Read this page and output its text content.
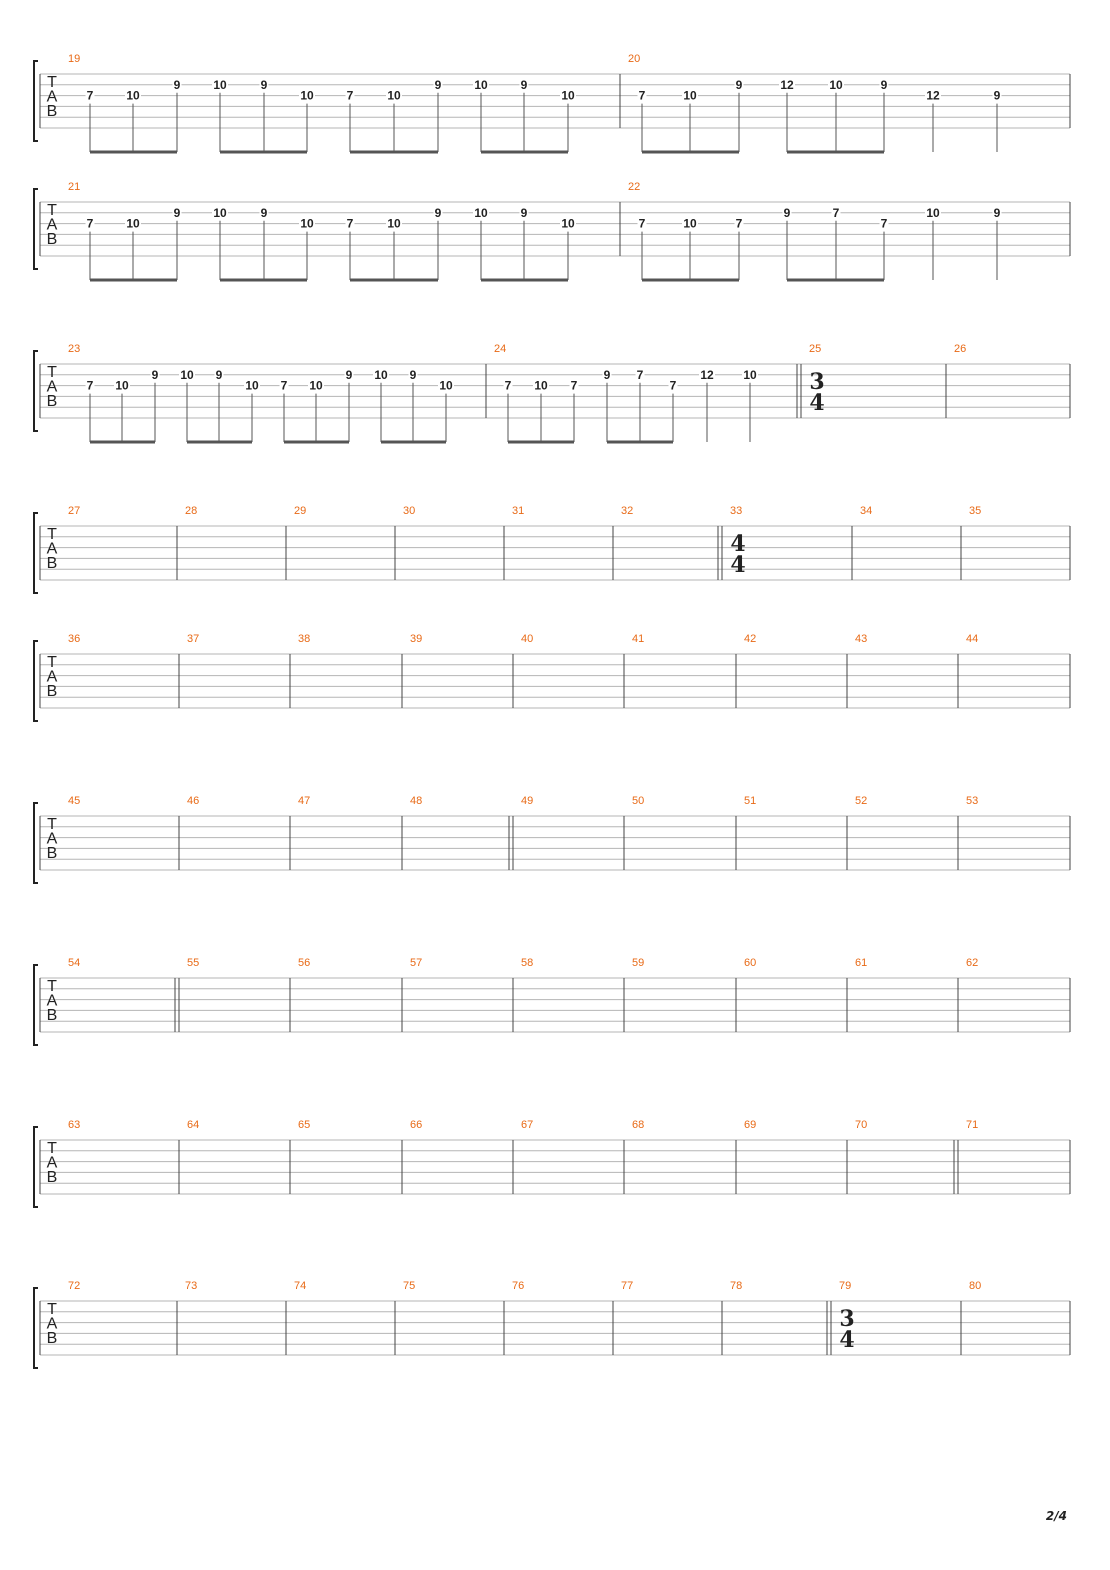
T
A
B
19
7	10
9	10	9
10	7	10
9	10	9
10
20
7	10
9	12	10	9
12	9
T
A
B
21
7	10
9	10	9
10	7	10
9	10	9
10
22
7	10	7
9	7
7
10	9
T
A
B
23
7 10
9 10 9
10 7 10
9 10 9
10
24
7 10 7
9 7
7
12 10
25
3
4
26
T
A
B
27	28	29	30	31	32	33
4
4
34	35
T
A
B
36	37	38	39	40	41	42	43	44
T
A
B
45	46	47	48	49	50	51	52	53
T
A
B
54	55	56	57	58	59	60	61	62
T
A
B
63	64	65	66	67	68	69	70	71
T
A
B
72	73	74	75	76	77	78	79
3
4
80
2/4
